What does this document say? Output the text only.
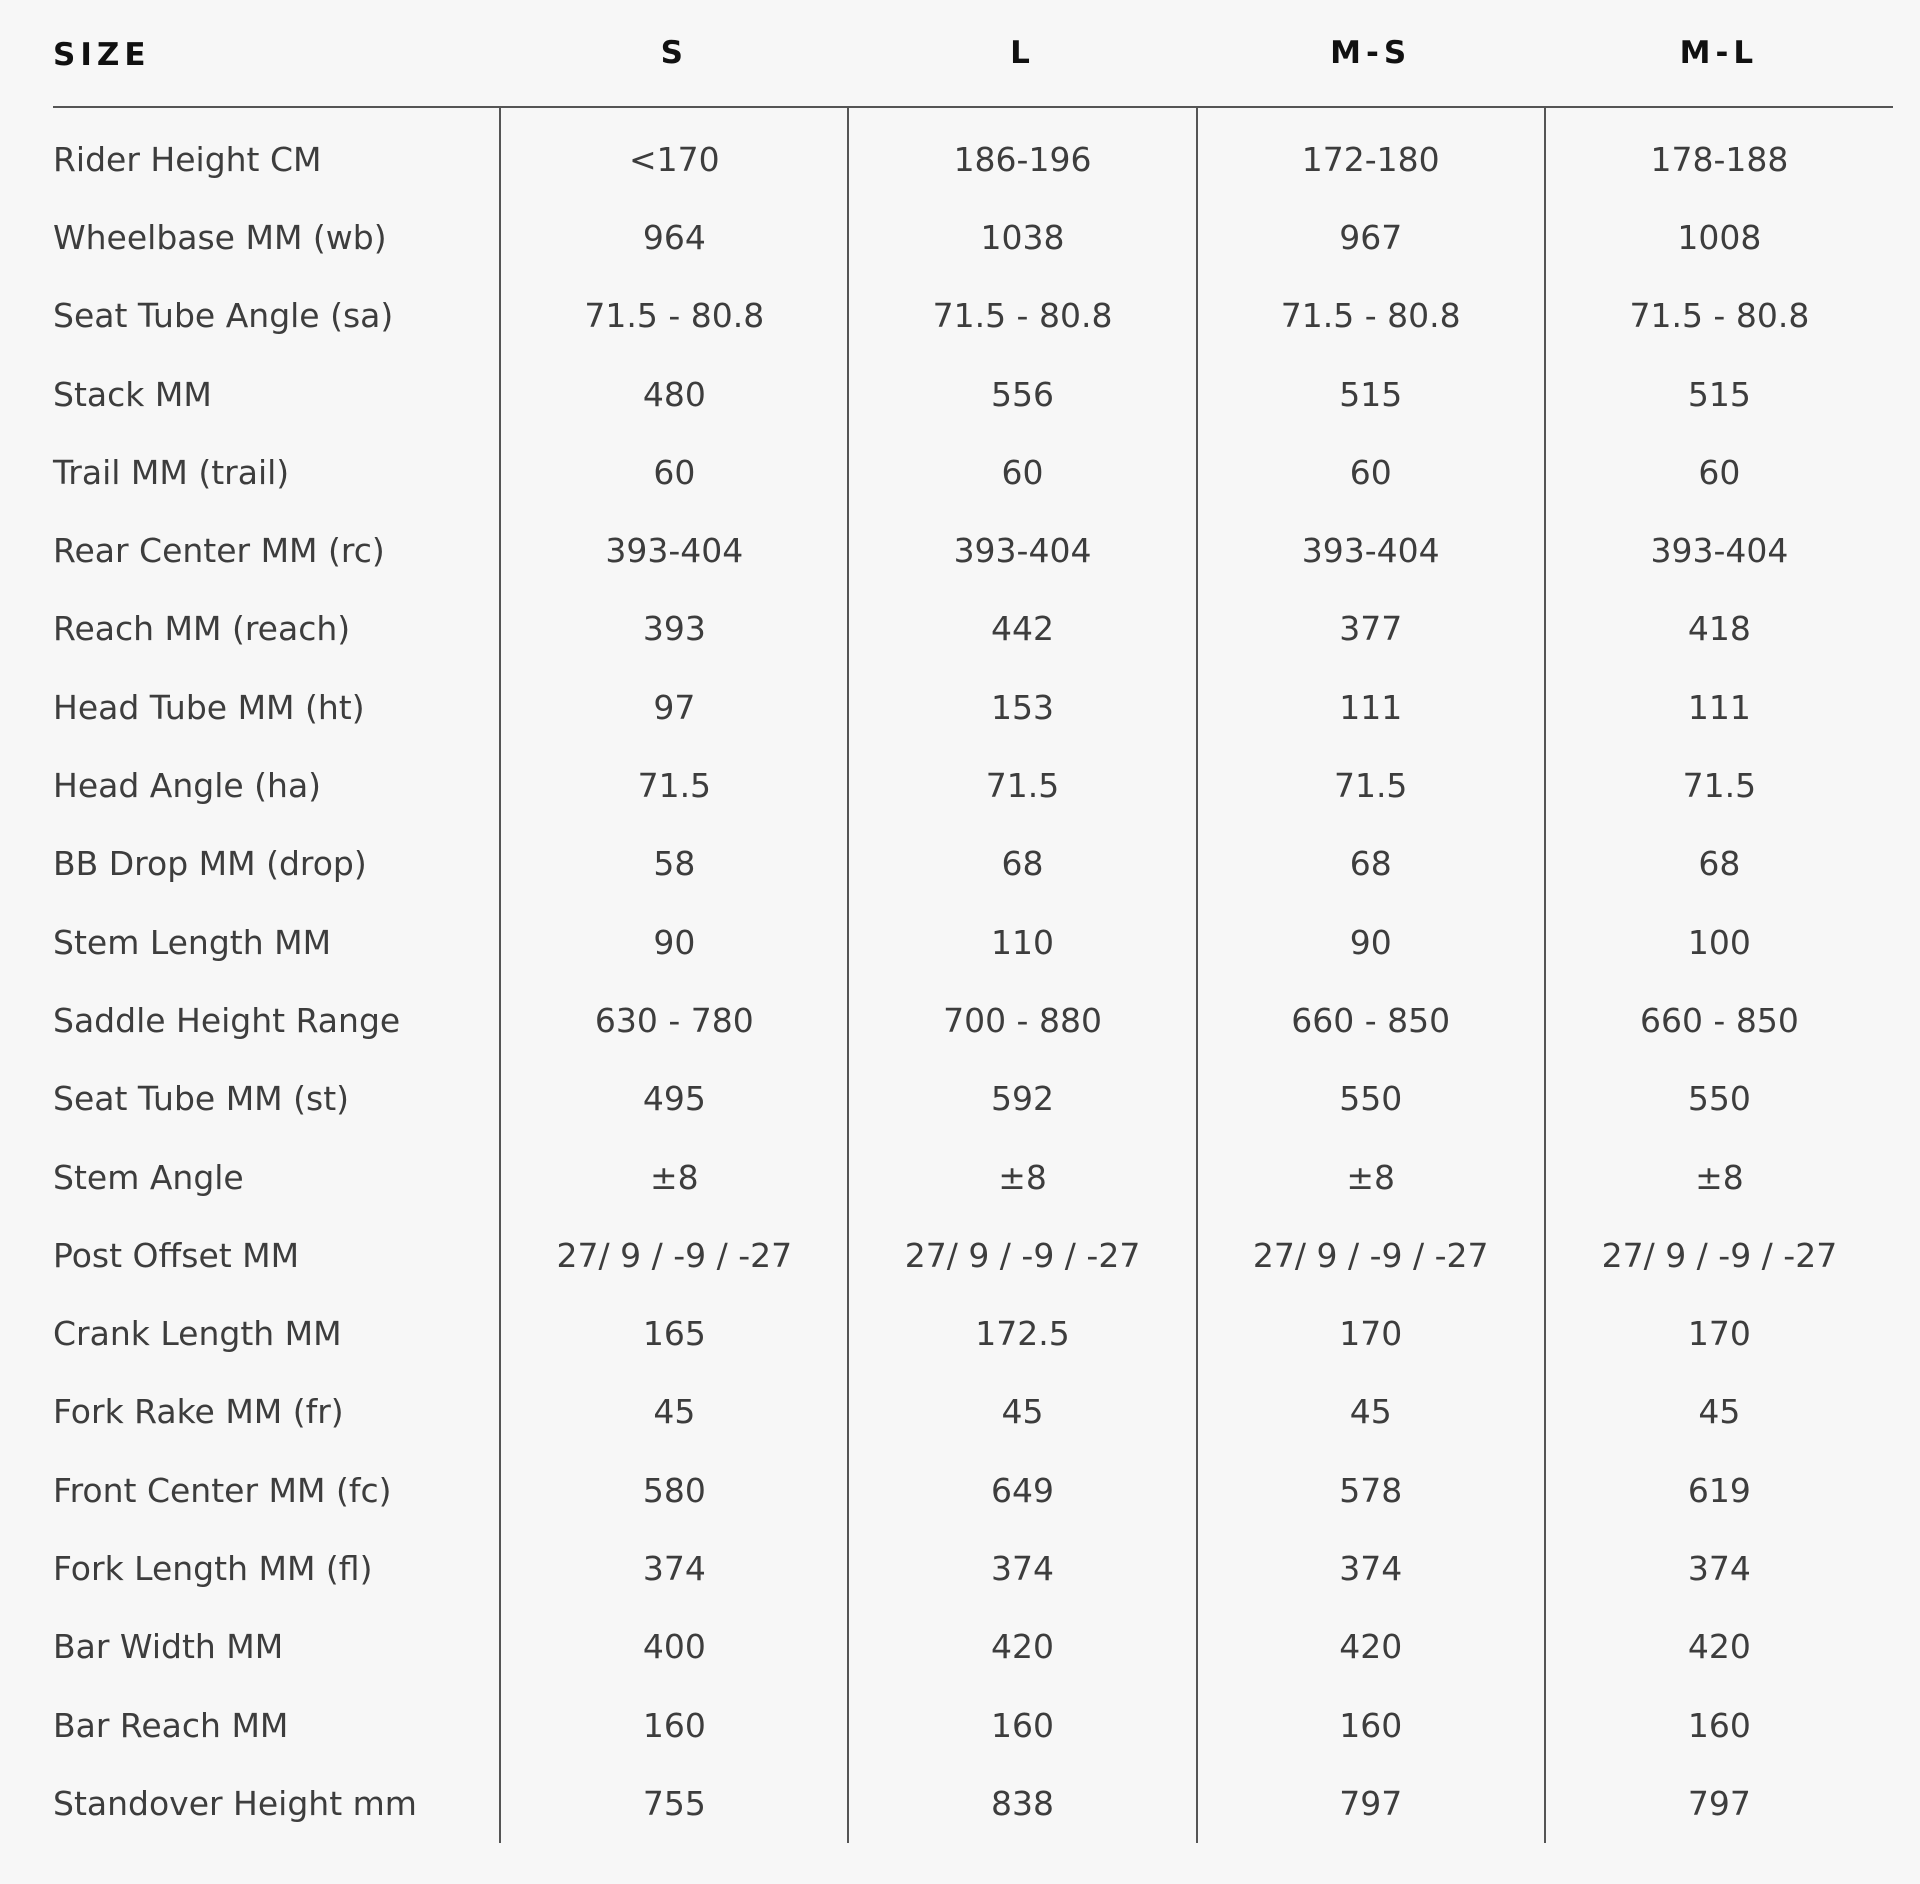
SIZE	S	L	M-S	M-L
Rider Height CM	<170	186-196	172-180	178-188
Wheelbase MM (wb)	964	1038	967	1008
Seat Tube Angle (sa)	71.5 - 80.8	71.5 - 80.8	71.5 - 80.8	71.5 - 80.8
Stack MM	480	556	515	515
Trail MM (trail)	60	60	60	60
Rear Center MM (rc)	393-404	393-404	393-404	393-404
Reach MM (reach)	393	442	377	418
Head Tube MM (ht)	97	153	111	111
Head Angle (ha)	71.5	71.5	71.5	71.5
BB Drop MM (drop)	58	68	68	68
Stem Length MM	90	110	90	100
Saddle Height Range	630 - 780	700 - 880	660 - 850	660 - 850
Seat Tube MM (st)	495	592	550	550
Stem Angle	±8	±8	±8	±8
Post Offset MM	27/ 9 / -9 / -27	27/ 9 / -9 / -27	27/ 9 / -9 / -27	27/ 9 / -9 / -27
Crank Length MM	165	172.5	170	170
Fork Rake MM (fr)	45	45	45	45
Front Center MM (fc)	580	649	578	619
Fork Length MM (fl)	374	374	374	374
Bar Width MM	400	420	420	420
Bar Reach MM	160	160	160	160
Standover Height mm	755	838	797	797
